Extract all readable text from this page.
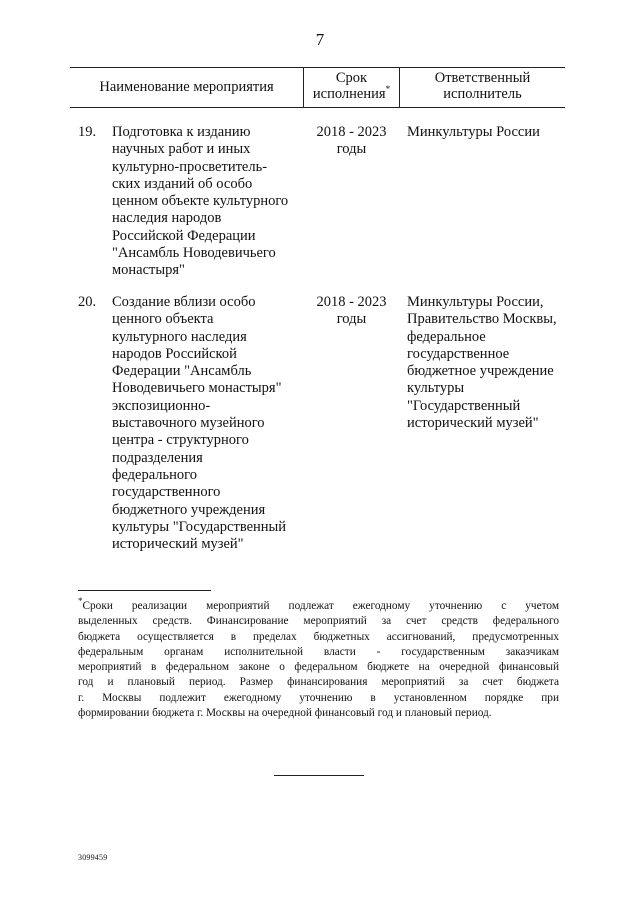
7
Наименование мероприятия
Срок
исполнения*
Ответственный
исполнитель
19. Подготовка к изданию
научных работ и иных
культурно-просветитель-
ских изданий об особо
ценном объекте культурного
наследия народов
Российской Федерации
"Ансамбль Новодевичьего
монастыря"
2018 - 2023
годы
Минкультуры России
20. Создание вблизи особо
ценного объекта
культурного наследия
народов Российской
Федерации "Ансамбль
Новодевичьего монастыря"
экспозиционно-
выставочного музейного
центра - структурного
подразделения
федерального
государственного
бюджетного учреждения
культуры "Государственный
исторический музей"
2018 - 2023
годы
Минкультуры России,
Правительство Москвы,
федеральное
государственное
бюджетное учреждение
культуры
"Государственный
исторический музей"
*Сроки реализации мероприятий подлежат ежегодному уточнению с учетом
выделенных средств. Финансирование мероприятий за счет средств федерального
бюджета осуществляется в пределах бюджетных ассигнований, предусмотренных
федеральным органам исполнительной власти - государственным заказчикам
мероприятий в федеральном законе о федеральном бюджете на очередной финансовый
год и плановый период. Размер финансирования мероприятий за счет бюджета
г. Москвы подлежит ежегодному уточнению в установленном порядке при
формировании бюджета г. Москвы на очередной финансовый год и плановый период.
3099459
